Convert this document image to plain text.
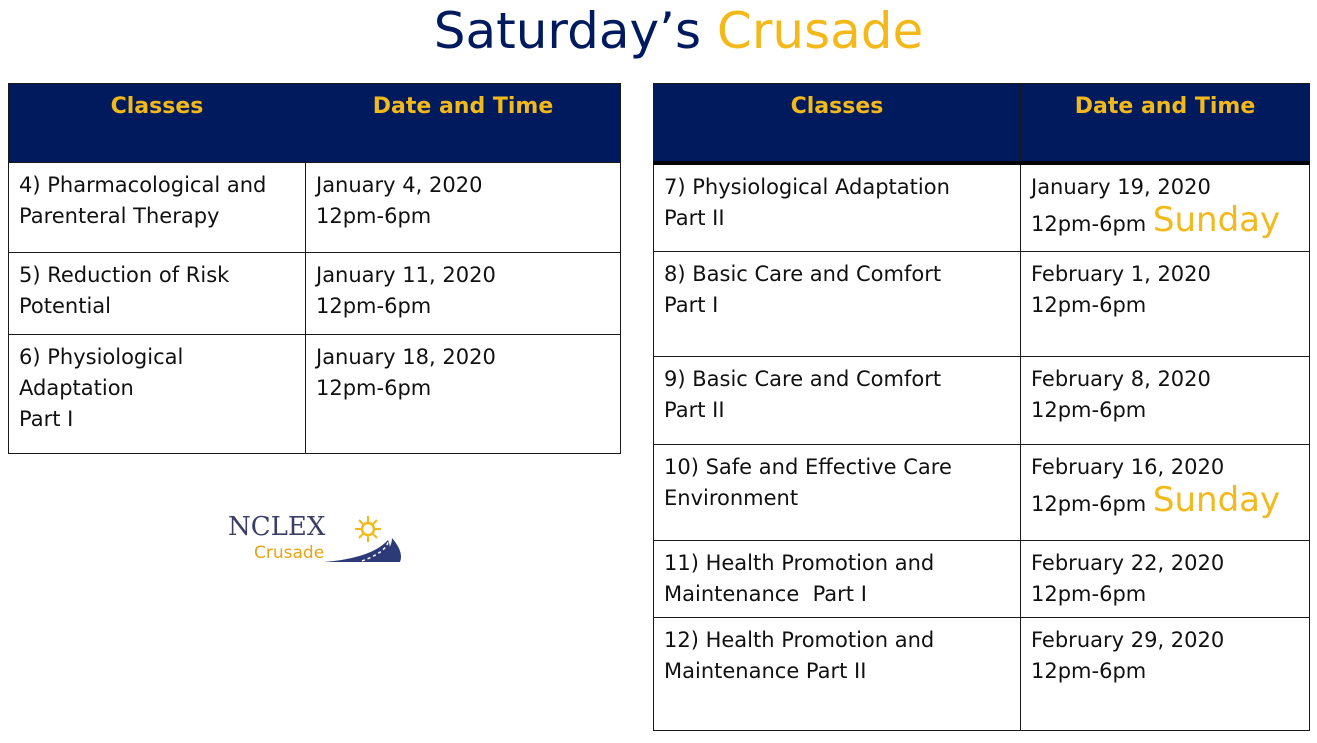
Saturday’s Crusade
Classes	Date and Time

4) Pharmacological and
Parenteral Therapy	January 4, 2020
12pm-6pm

5) Reduction of Risk
Potential	January 11, 2020
12pm-6pm

6) Physiological
Adaptation
Part I	January 18, 2020
12pm-6pm
NCLEX
Crusade
Classes	Date and Time

7) Physiological Adaptation
Part II	January 19, 2020
12pm-6pm Sunday

8) Basic Care and Comfort
Part I	February 1, 2020
12pm-6pm

9) Basic Care and Comfort
Part II	February 8, 2020
12pm-6pm

10) Safe and Effective Care
Environment	February 16, 2020
12pm-6pm Sunday

11) Health Promotion and
Maintenance  Part I	February 22, 2020
12pm-6pm

12) Health Promotion and
Maintenance Part II	February 29, 2020
12pm-6pm
